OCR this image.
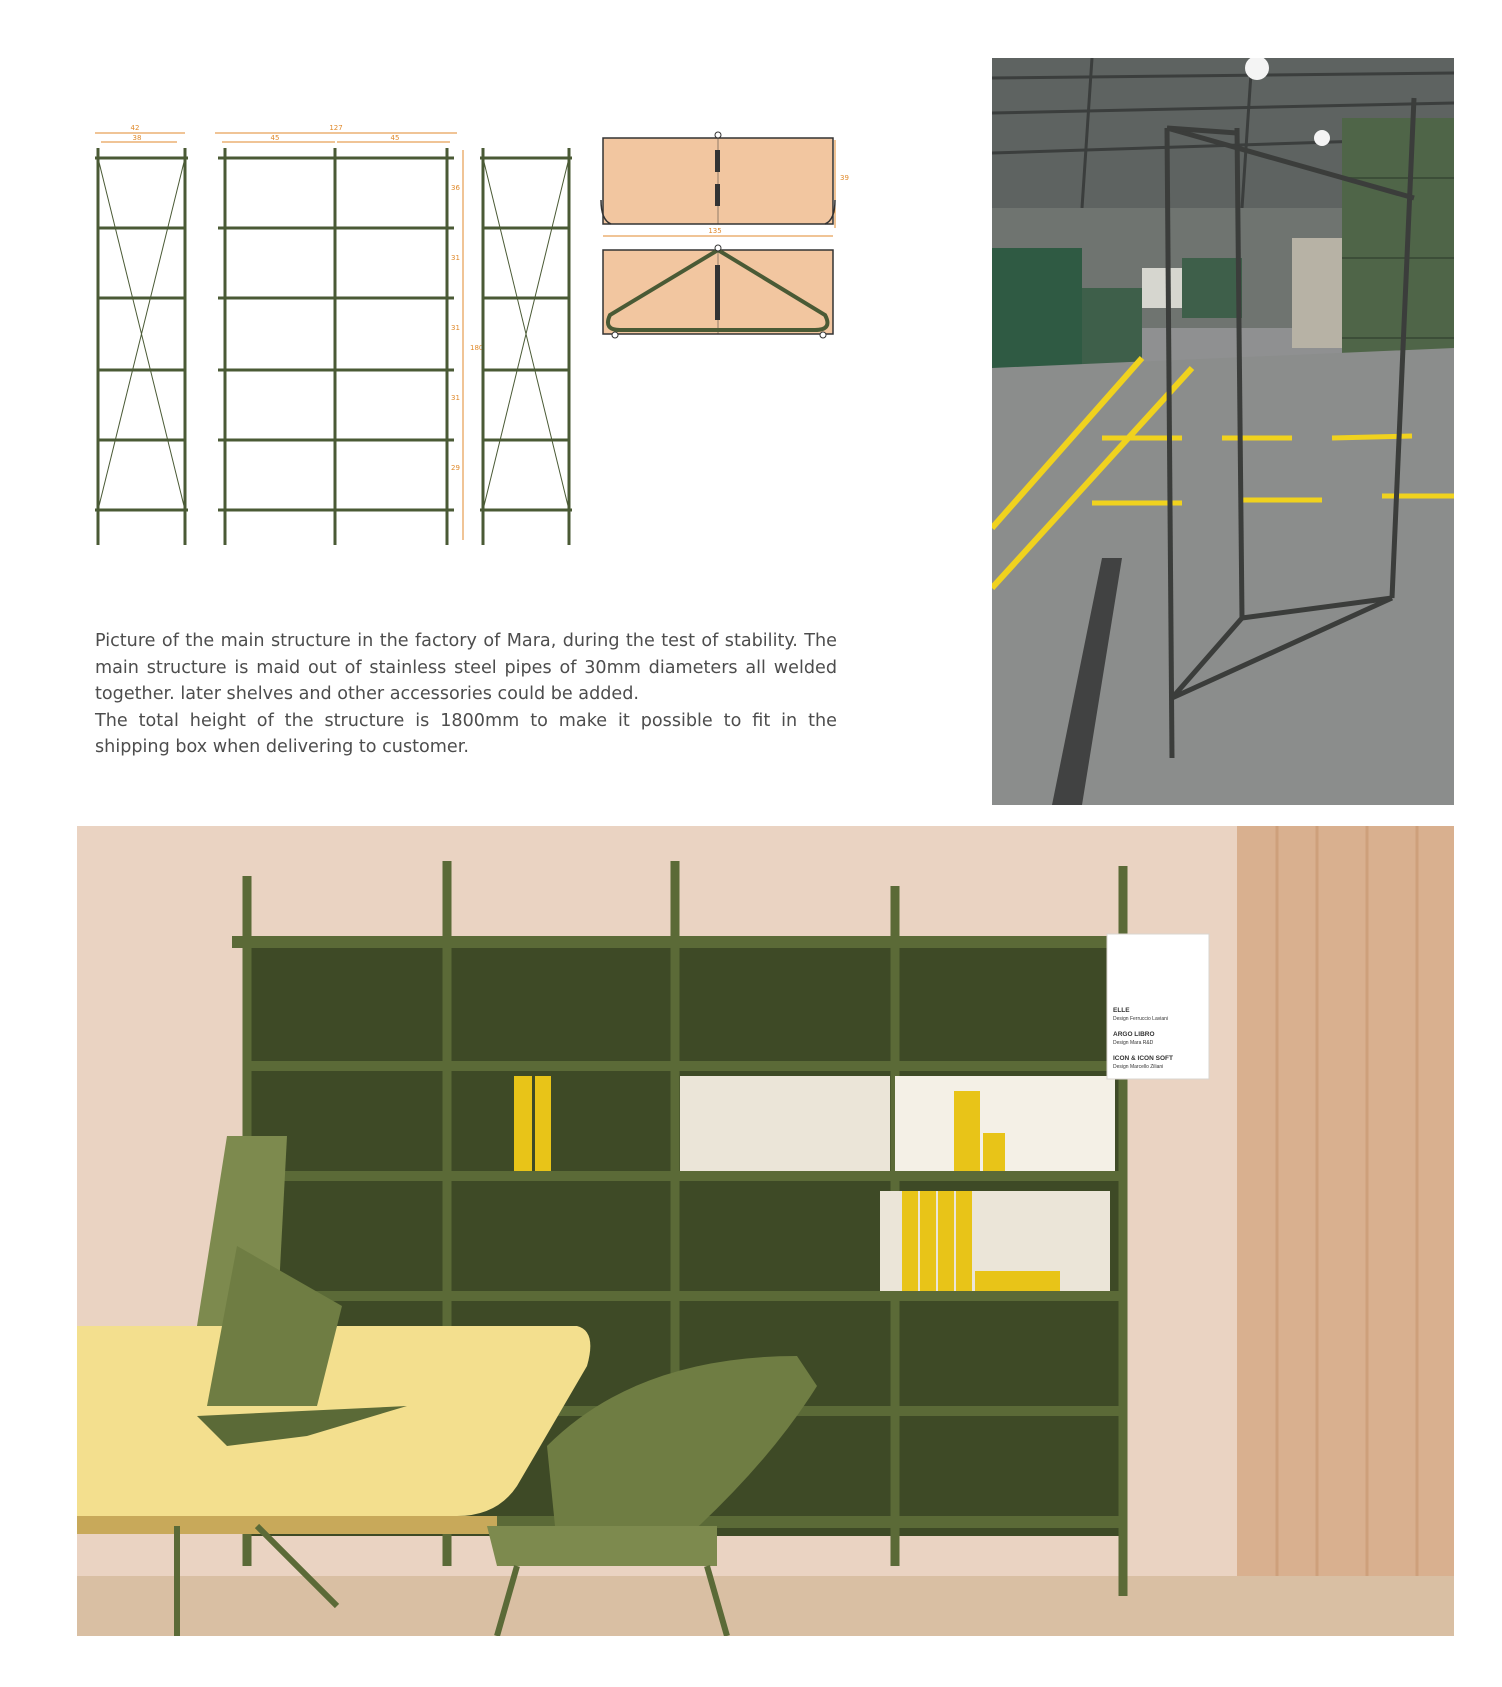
42
38
127
45	45
180
36
31
31
31
29
39
135

Picture of the main structure in the factory of Mara, during the test of stability. The main structure is maid out of stainless steel pipes of 30mm diameters all welded together. later shelves and other accessories could be added.

The total height of the structure is 1800mm to make it possible to fit in the shipping box when delivering to customer.

ELLE
Design Ferruccio Laviani
ARGO LIBRO
Design Mara R&D
ICON & ICON SOFT
Design Marcello Ziliani
